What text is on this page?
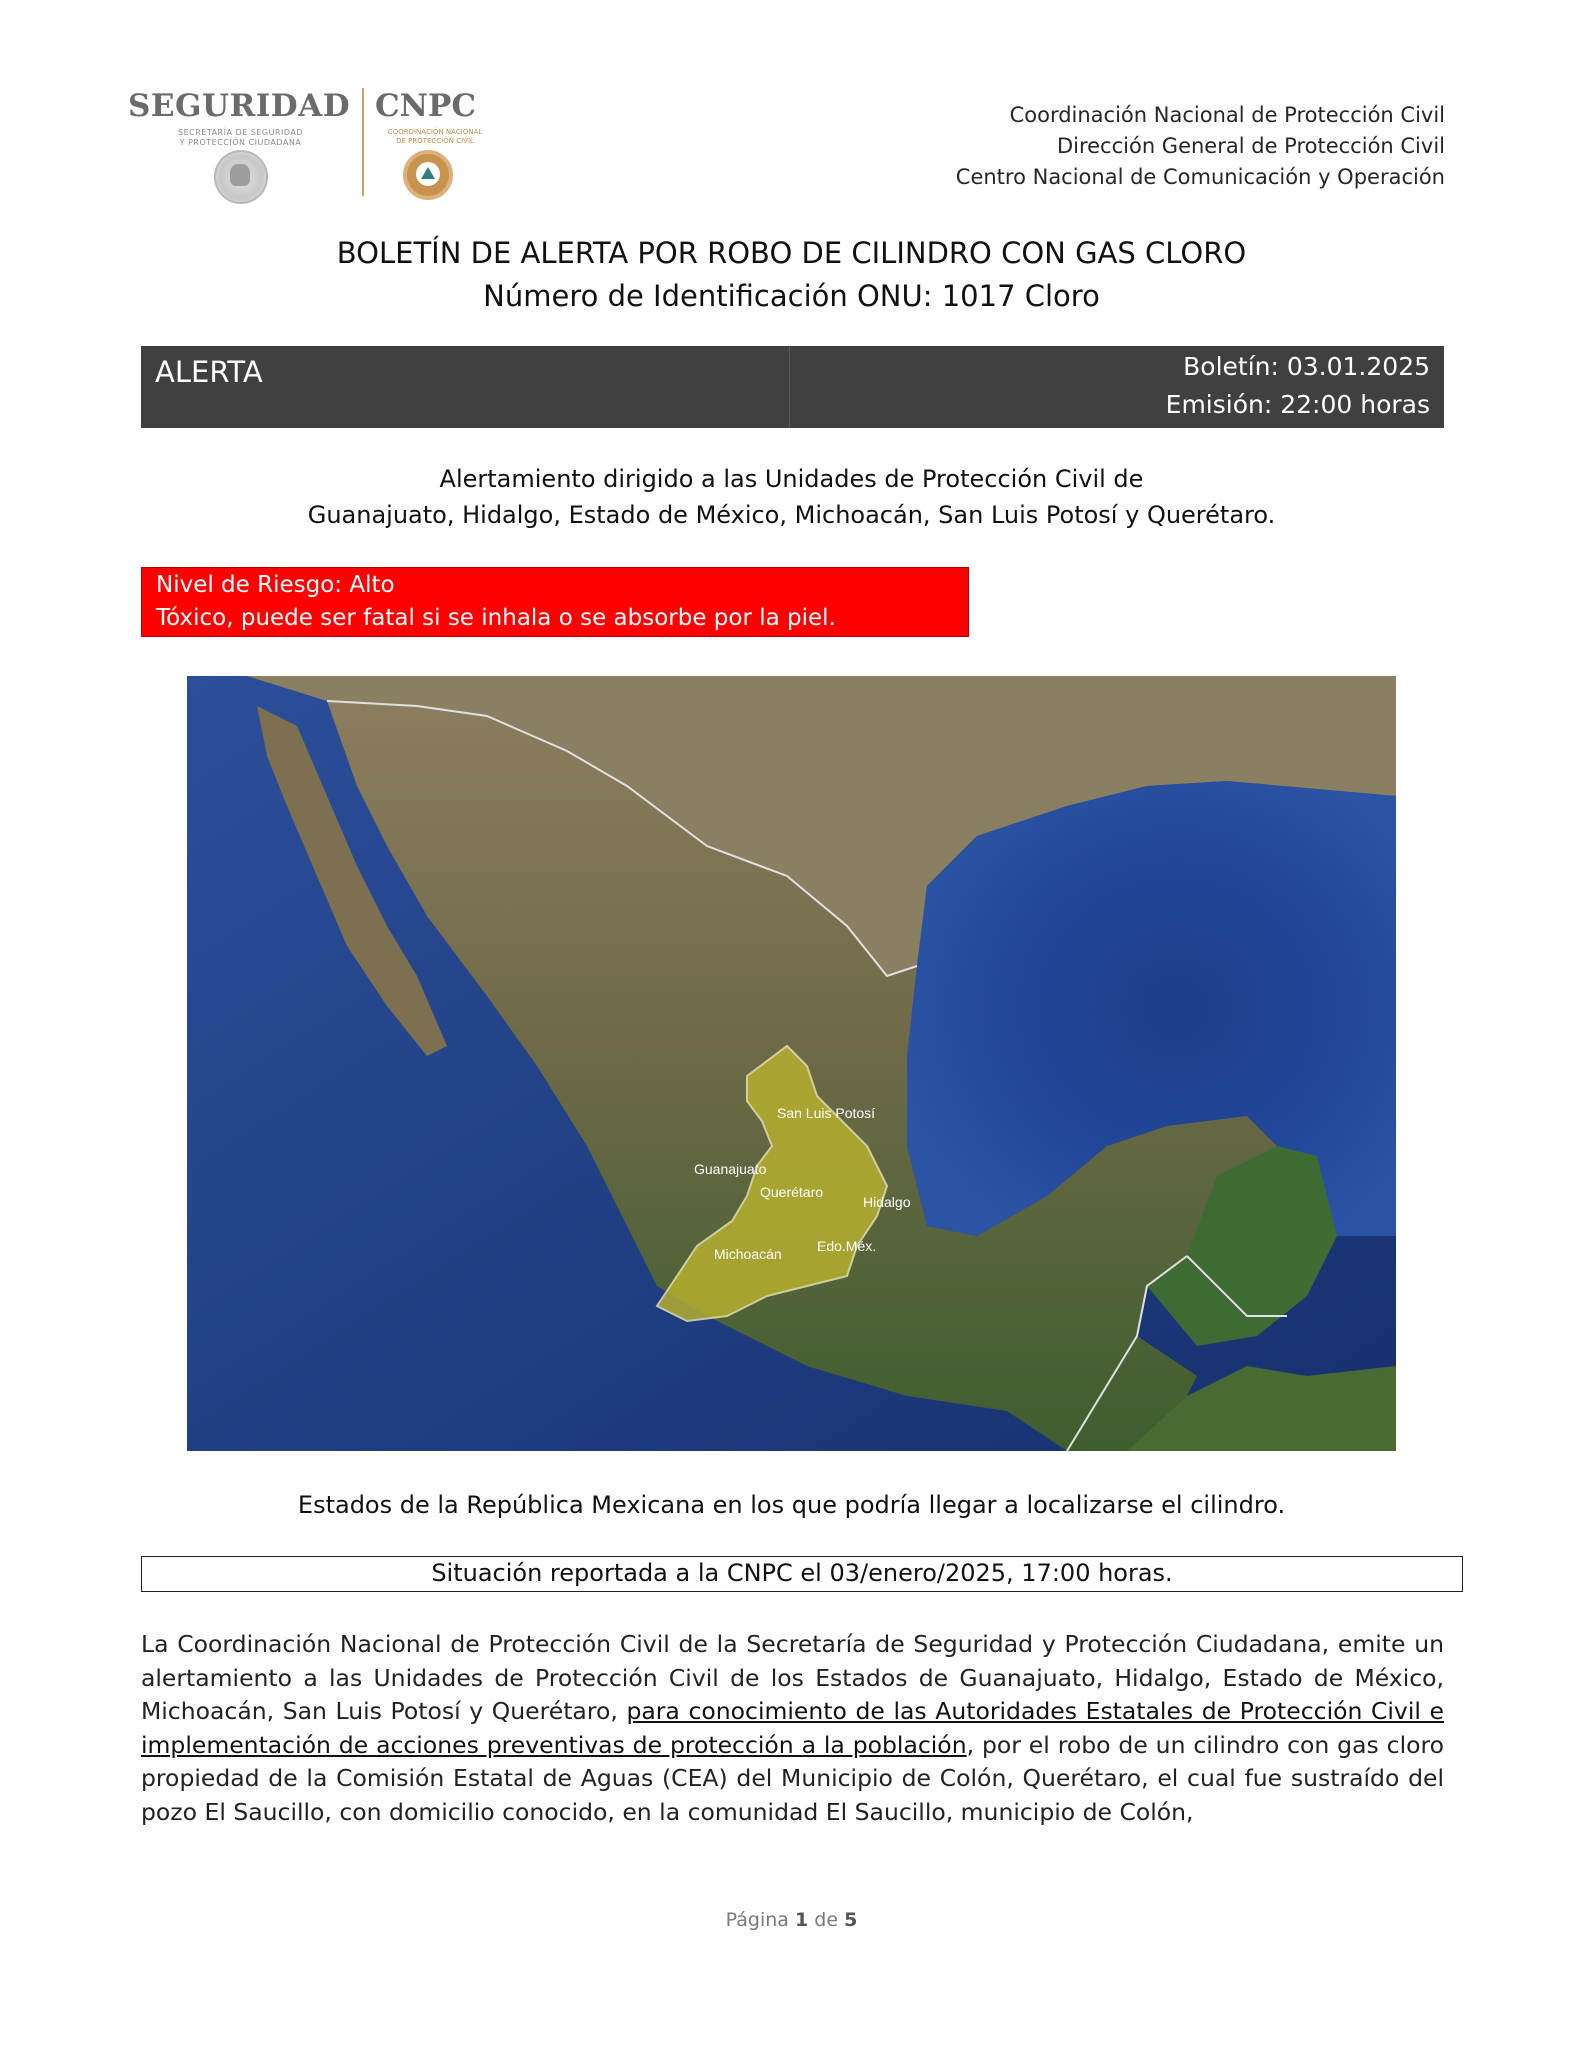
SEGURIDAD
SECRETARÍA DE SEGURIDAD
Y PROTECCIÓN CIUDADANA
CNPC
COORDINACIÓN NACIONAL
DE PROTECCIÓN CIVIL
Coordinación Nacional de Protección Civil
Dirección General de Protección Civil
Centro Nacional de Comunicación y Operación
BOLETÍN DE ALERTA POR ROBO DE CILINDRO CON GAS CLORO
Número de Identificación ONU: 1017 Cloro
ALERTA	Boletín: 03.01.2025
Emisión: 22:00 horas
Alertamiento dirigido a las Unidades de Protección Civil de
Guanajuato, Hidalgo, Estado de México, Michoacán, San Luis Potosí y Querétaro.
Nivel de Riesgo: Alto
Tóxico, puede ser fatal si se inhala o se absorbe por la piel.
San Luis Potosí
Guanajuato
Querétaro
Hidalgo
Michoacán	Edo.Méx.
Estados de la República Mexicana en los que podría llegar a localizarse el cilindro.
Situación reportada a la CNPC el 03/enero/2025, 17:00 horas.
La Coordinación Nacional de Protección Civil de la Secretaría de Seguridad y Protección Ciudadana, emite un alertamiento a las Unidades de Protección Civil de los Estados de Guanajuato, Hidalgo, Estado de México, Michoacán, San Luis Potosí y Querétaro, para conocimiento de las Autoridades Estatales de Protección Civil e implementación de acciones preventivas de protección a la población, por el robo de un cilindro con gas cloro propiedad de la Comisión Estatal de Aguas (CEA) del Municipio de Colón, Querétaro, el cual fue sustraído del pozo El Saucillo, con domicilio conocido, en la comunidad El Saucillo, municipio de Colón,
Página 1 de 5
